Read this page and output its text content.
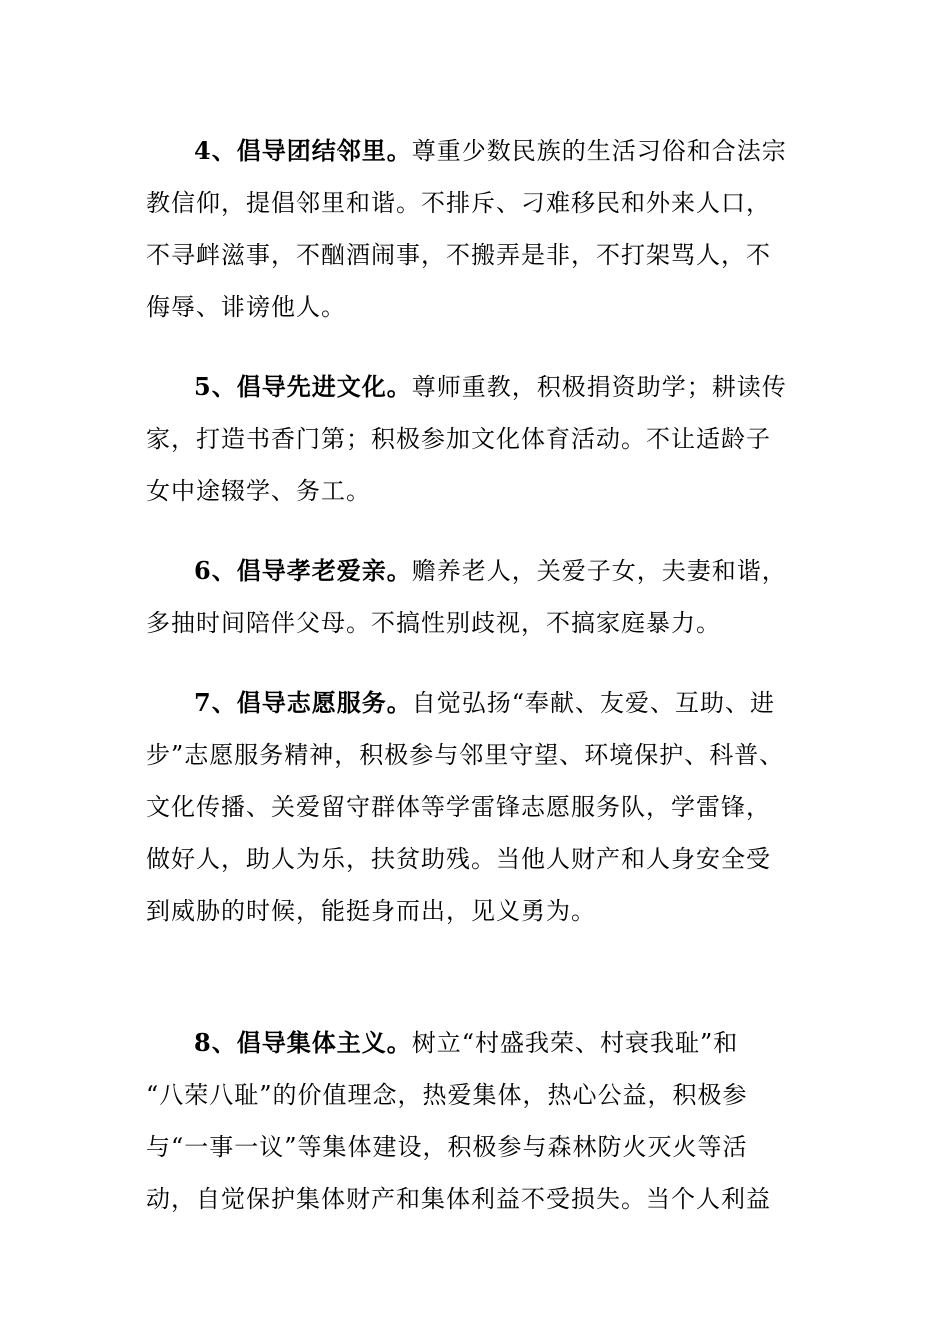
4、倡导团结邻里。尊重少数民族的生活习俗和合法宗
教信仰，提倡邻里和谐。不排斥、刁难移民和外来人口，
不寻衅滋事，不酗酒闹事，不搬弄是非，不打架骂人，不
侮辱、诽谤他人。
5、倡导先进文化。尊师重教，积极捐资助学；耕读传
家，打造书香门第；积极参加文化体育活动。不让适龄子
女中途辍学、务工。
6、倡导孝老爱亲。赡养老人，关爱子女，夫妻和谐，
多抽时间陪伴父母。不搞性别歧视，不搞家庭暴力。
7、倡导志愿服务。自觉弘扬“奉献、友爱、互助、进
步”志愿服务精神，积极参与邻里守望、环境保护、科普、
文化传播、关爱留守群体等学雷锋志愿服务队，学雷锋，
做好人，助人为乐，扶贫助残。当他人财产和人身安全受
到威胁的时候，能挺身而出，见义勇为。
8、倡导集体主义。树立“村盛我荣、村衰我耻”和
“八荣八耻”的价值理念，热爱集体，热心公益，积极参
与“一事一议”等集体建设，积极参与森林防火灭火等活
动，自觉保护集体财产和集体利益不受损失。当个人利益
